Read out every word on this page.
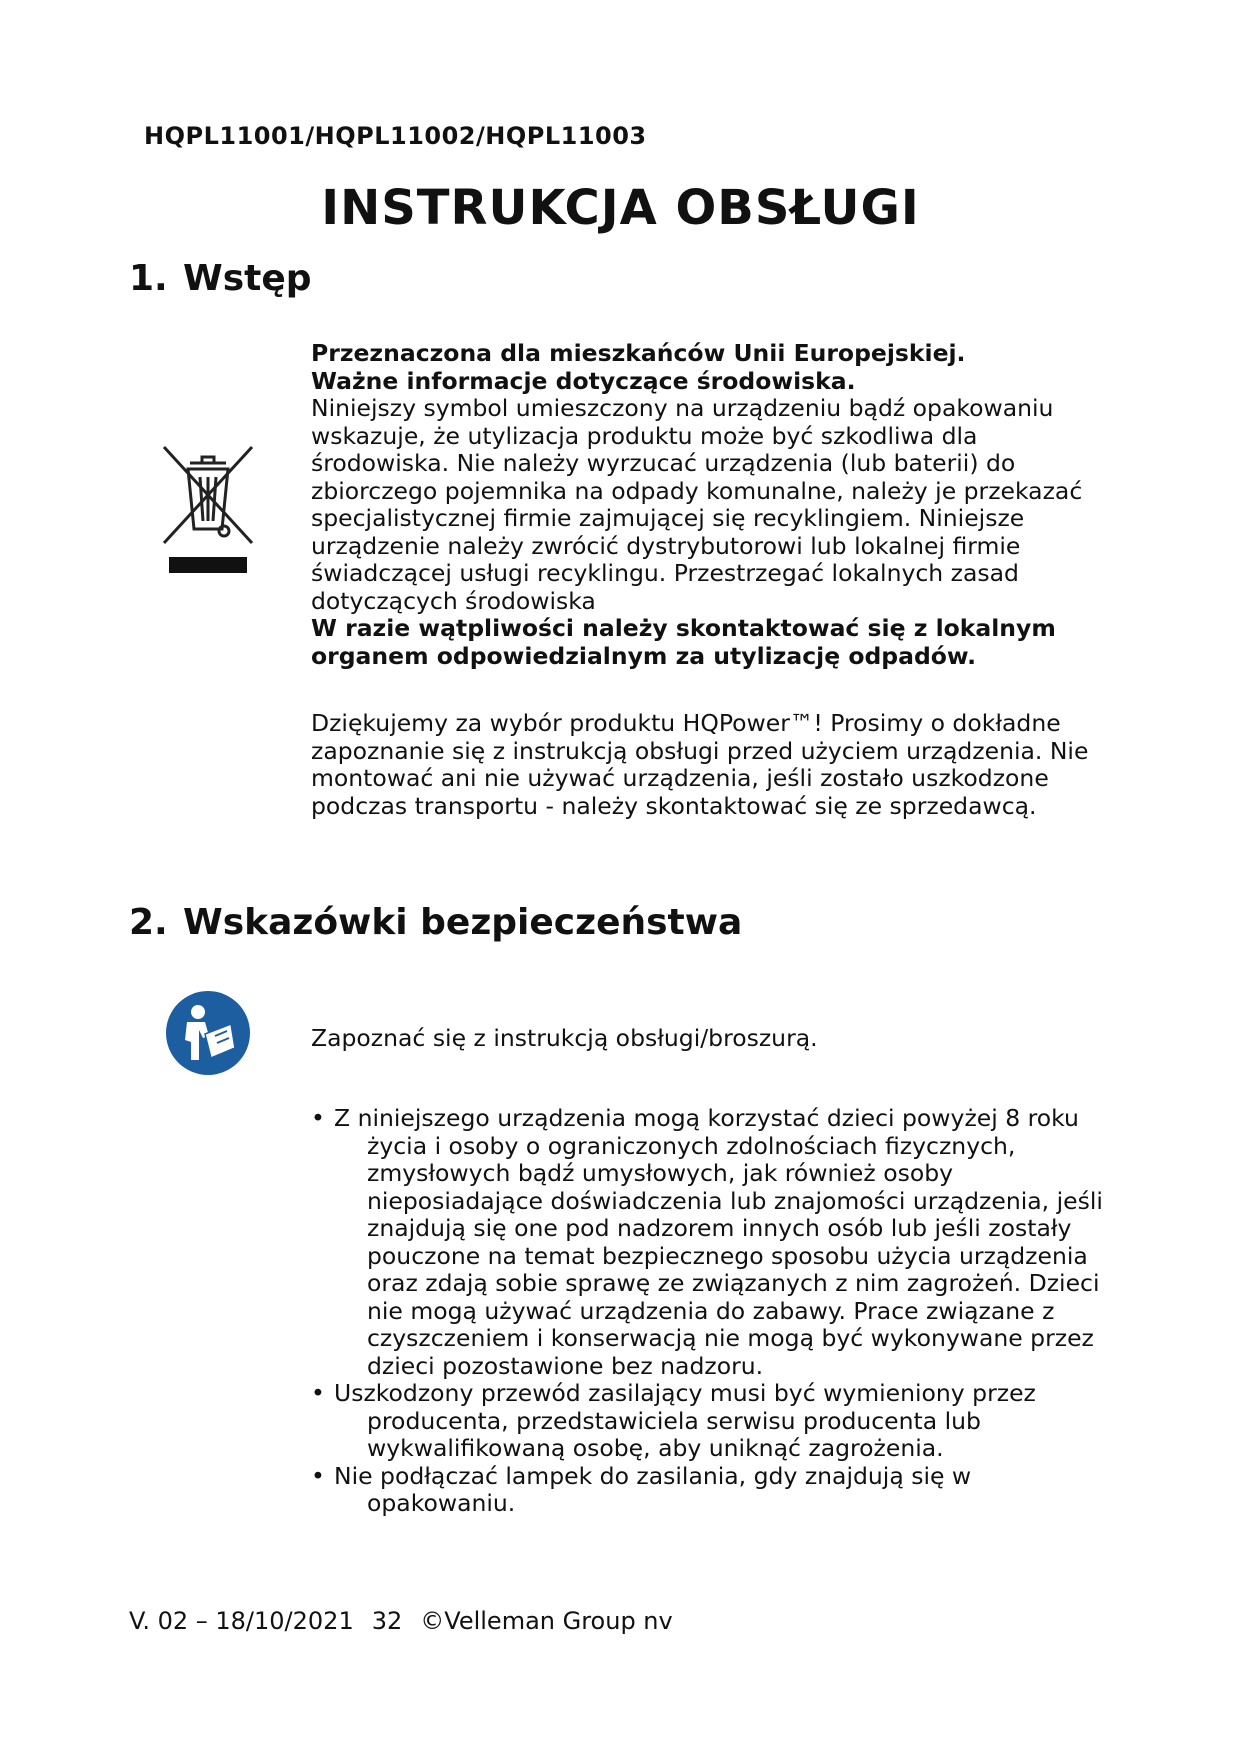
HQPL11001/HQPL11002/HQPL11003
INSTRUKCJA OBSŁUGI
1. Wstęp

Przeznaczona dla mieszkańców Unii Europejskiej.

Ważne informacje dotyczące środowiska.

Niniejszy symbol umieszczony na urządzeniu bądź opakowaniu wskazuje, że utylizacja produktu może być szkodliwa dla środowiska. Nie należy wyrzucać urządzenia (lub baterii) do zbiorczego pojemnika na odpady komunalne, należy je przekazać specjalistycznej firmie zajmującej się recyklingiem. Niniejsze urządzenie należy zwrócić dystrybutorowi lub lokalnej firmie świadczącej usługi recyklingu. Przestrzegać lokalnych zasad dotyczących środowiska

W razie wątpliwości należy skontaktować się z lokalnym organem odpowiedzialnym za utylizację odpadów.

Dziękujemy za wybór produktu HQPower™! Prosimy o dokładne zapoznanie się z instrukcją obsługi przed użyciem urządzenia. Nie montować ani nie używać urządzenia, jeśli zostało uszkodzone podczas transportu - należy skontaktować się ze sprzedawcą.
2. Wskazówki bezpieczeństwa
Zapoznać się z instrukcją obsługi/broszurą.
• Z niniejszego urządzenia mogą korzystać dzieci powyżej 8 roku życia i osoby o ograniczonych zdolnościach fizycznych, zmysłowych bądź umysłowych, jak również osoby nieposiadające doświadczenia lub znajomości urządzenia, jeśli znajdują się one pod nadzorem innych osób lub jeśli zostały pouczone na temat bezpiecznego sposobu użycia urządzenia oraz zdają sobie sprawę ze związanych z nim zagrożeń. Dzieci nie mogą używać urządzenia do zabawy. Prace związane z czyszczeniem i konserwacją nie mogą być wykonywane przez dzieci pozostawione bez nadzoru.
• Uszkodzony przewód zasilający musi być wymieniony przez producenta, przedstawiciela serwisu producenta lub wykwalifikowaną osobę, aby uniknąć zagrożenia.
• Nie podłączać lampek do zasilania, gdy znajdują się w opakowaniu.
V. 02 – 18/10/2021 32 ©Velleman Group nv
